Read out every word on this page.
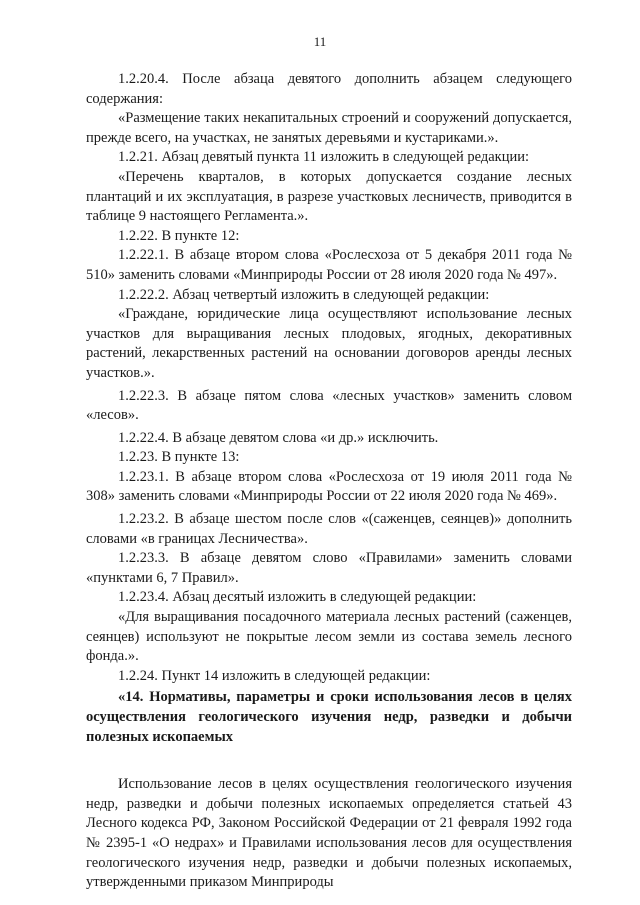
11

1.2.20.4. После абзаца девятого дополнить абзацем следующего содержания:

«Размещение таких некапитальных строений и сооружений допускается, прежде всего, на участках, не занятых деревьями и кустариками.».

1.2.21. Абзац девятый пункта 11 изложить в следующей редакции:

«Перечень кварталов, в которых допускается создание лесных плантаций и их эксплуатация, в разрезе участковых лесничеств, приводится в таблице 9 настоящего Регламента.».

1.2.22. В пункте 12:

1.2.22.1. В абзаце втором слова «Рослесхоза от 5 декабря 2011 года № 510» заменить словами «Минприроды России от 28 июля 2020 года № 497».

1.2.22.2. Абзац четвертый изложить в следующей редакции:

«Граждане, юридические лица осуществляют использование лесных участков для выращивания лесных плодовых, ягодных, декоративных растений, лекарственных растений на основании договоров аренды лесных участков.».

1.2.22.3. В абзаце пятом слова «лесных участков» заменить словом «лесов».

1.2.22.4. В абзаце девятом слова «и др.» исключить.

1.2.23. В пункте 13:

1.2.23.1. В абзаце втором слова «Рослесхоза от 19 июля 2011 года № 308» заменить словами «Минприроды России от 22 июля 2020 года № 469».

1.2.23.2. В абзаце шестом после слов «(саженцев, сеянцев)» дополнить словами «в границах Лесничества».

1.2.23.3. В абзаце девятом слово «Правилами» заменить словами «пунктами 6, 7 Правил».

1.2.23.4. Абзац десятый изложить в следующей редакции:

«Для выращивания посадочного материала лесных растений (саженцев, сеянцев) используют не покрытые лесом земли из состава земель лесного фонда.».

1.2.24. Пункт 14 изложить в следующей редакции:

«14. Нормативы, параметры и сроки использования лесов в целях осуществления геологического изучения недр, разведки и добычи полезных ископаемых

Использование лесов в целях осуществления геологического изучения недр, разведки и добычи полезных ископаемых определяется статьей 43 Лесного кодекса РФ, Законом Российской Федерации от 21 февраля 1992 года № 2395-1 «О недрах» и Правилами использования лесов для осуществления геологического изучения недр, разведки и добычи полезных ископаемых, утвержденными приказом Минприроды
